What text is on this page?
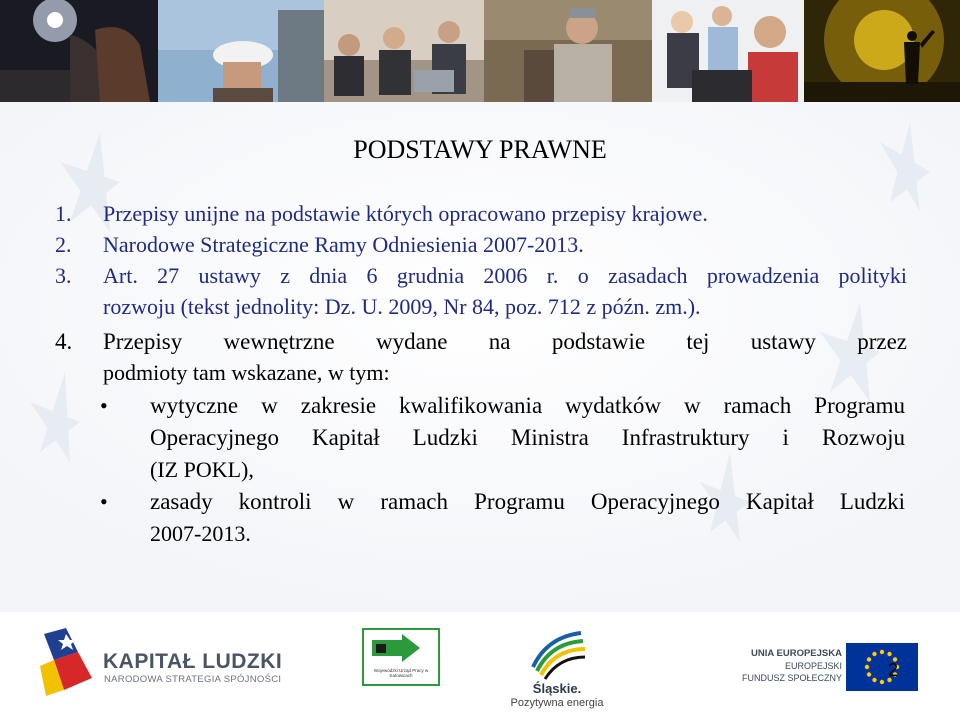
PODSTAWY PRAWNE
1.	Przepisy unijne na podstawie których opracowano przepisy krajowe.
2.	Narodowe Strategiczne Ramy Odniesienia 2007-2013.
3.	Art. 27 ustawy z dnia 6 grudnia 2006 r. o zasadach prowadzenia polityki
rozwoju (tekst jednolity: Dz. U. 2009, Nr 84, poz. 712 z późn. zm.).
4.	Przepisy wewnętrzne wydane na podstawie tej ustawy przez
podmioty tam wskazane, w tym:
• wytyczne w zakresie kwalifikowania wydatków w ramach Programu
Operacyjnego Kapitał Ludzki Ministra Infrastruktury i Rozwoju
(IZ POKL),
• zasady kontroli w ramach Programu Operacyjnego Kapitał Ludzki
2007-2013.
KAPITAŁ LUDZKI
NARODOWA STRATEGIA SPÓJNOŚCI
Wojewódzki Urząd Pracy w Katowicach
Śląskie.
Pozytywna energia
UNIA EUROPEJSKA
EUROPEJSKI
FUNDUSZ SPOŁECZNY	2
